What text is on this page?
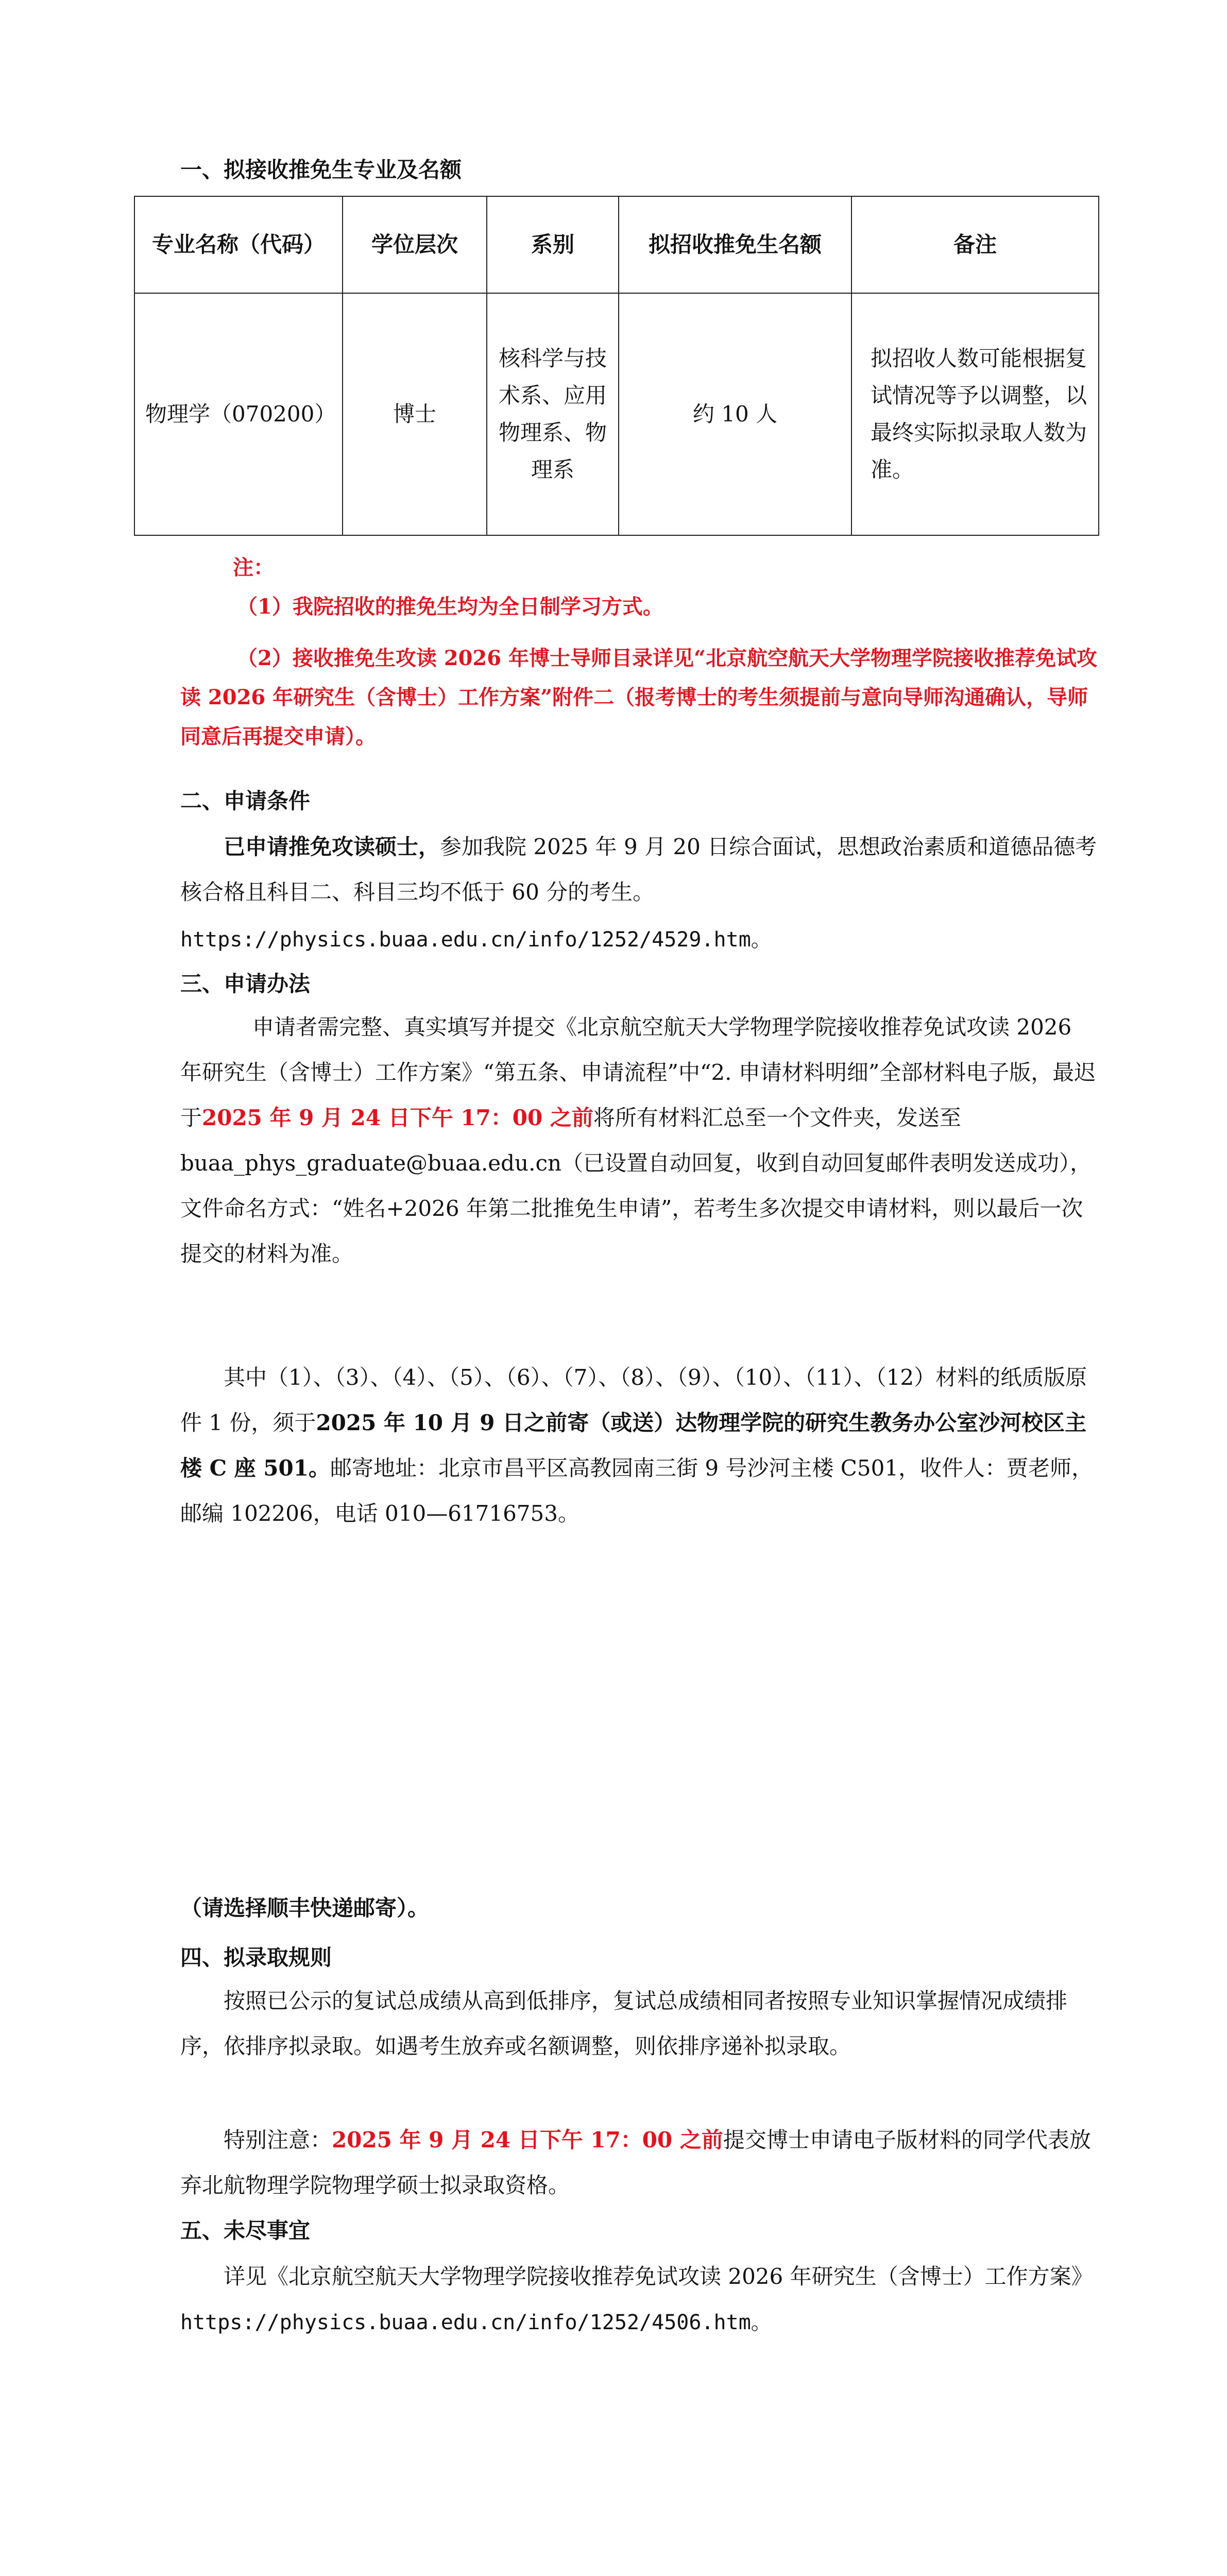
一、拟接收推免生专业及名额
专业名称（代码）	学位层次	系别	拟招收推免生名额	备注
物理学（070200）	博士	核科学与技术系、应用物理系、物理系	约 10 人	拟招收人数可能根据复试情况等予以调整，以最终实际拟录取人数为准。
注：
（1）我院招收的推免生均为全日制学习方式。
（2）接收推免生攻读 2026 年博士导师目录详见“北京航空航天大学物理学院接收推荐免试攻读 2026 年研究生（含博士）工作方案”附件二（报考博士的考生须提前与意向导师沟通确认，导师同意后再提交申请）。
二、申请条件
已申请推免攻读硕士，参加我院 2025 年 9 月 20 日综合面试，思想政治素质和道德品德考核合格且科目二、科目三均不低于 60 分的考生。
https://physics.buaa.edu.cn/info/1252/4529.htm。
三、申请办法
申请者需完整、真实填写并提交《北京航空航天大学物理学院接收推荐免试攻读 2026 年研究生（含博士）工作方案》“第五条、申请流程”中“2. 申请材料明细”全部材料电子版，最迟于2025 年 9 月 24 日下午 17：00 之前将所有材料汇总至一个文件夹，发送至 buaa_phys_graduate@buaa.edu.cn（已设置自动回复，收到自动回复邮件表明发送成功），文件命名方式：“姓名+2026 年第二批推免生申请”，若考生多次提交申请材料，则以最后一次提交的材料为准。
其中（1）、（3）、（4）、（5）、（6）、（7）、（8）、（9）、（10）、（11）、（12）材料的纸质版原件 1 份，须于2025 年 10 月 9 日之前寄（或送）达物理学院的研究生教务办公室沙河校区主楼 C 座 501。邮寄地址：北京市昌平区高教园南三街 9 号沙河主楼 C501，收件人：贾老师，邮编 102206，电话 010—61716753。
（请选择顺丰快递邮寄）。
四、拟录取规则
按照已公示的复试总成绩从高到低排序，复试总成绩相同者按照专业知识掌握情况成绩排序，依排序拟录取。如遇考生放弃或名额调整，则依排序递补拟录取。
特别注意：2025 年 9 月 24 日下午 17：00 之前提交博士申请电子版材料的同学代表放弃北航物理学院物理学硕士拟录取资格。
五、未尽事宜
详见《北京航空航天大学物理学院接收推荐免试攻读 2026 年研究生（含博士）工作方案》 https://physics.buaa.edu.cn/info/1252/4506.htm。
